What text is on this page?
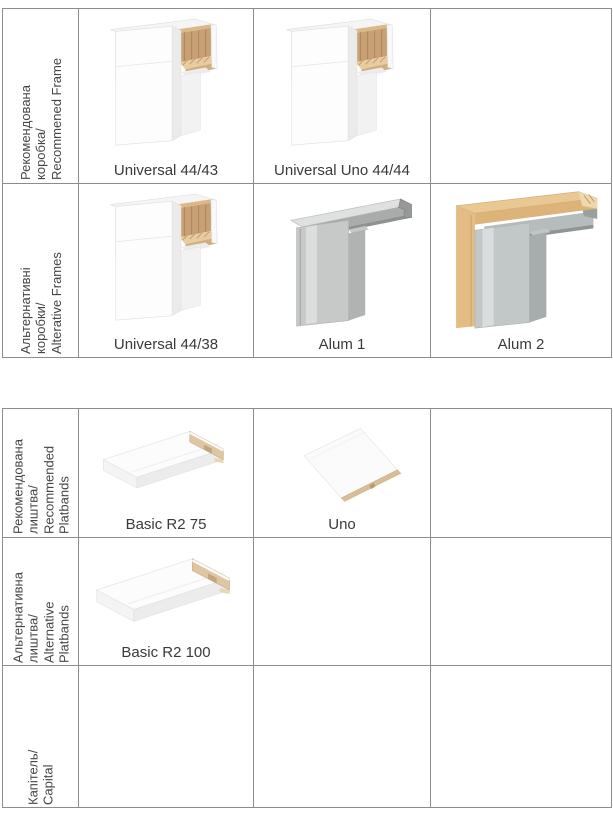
Рекомендована коробка/ Recommened Frame	Universal 44/43	Universal Uno 44/44	

Альтернативні коробки/ Alterative Frames	Universal 44/38	Alum 1	Alum 2
Рекомендована лиштва/ Recommended Platbands	Basic R2 75	Uno	

Альтернативна лиштва/ Alternative Platbands	Basic R2 100		

Капітель/ Capital			
